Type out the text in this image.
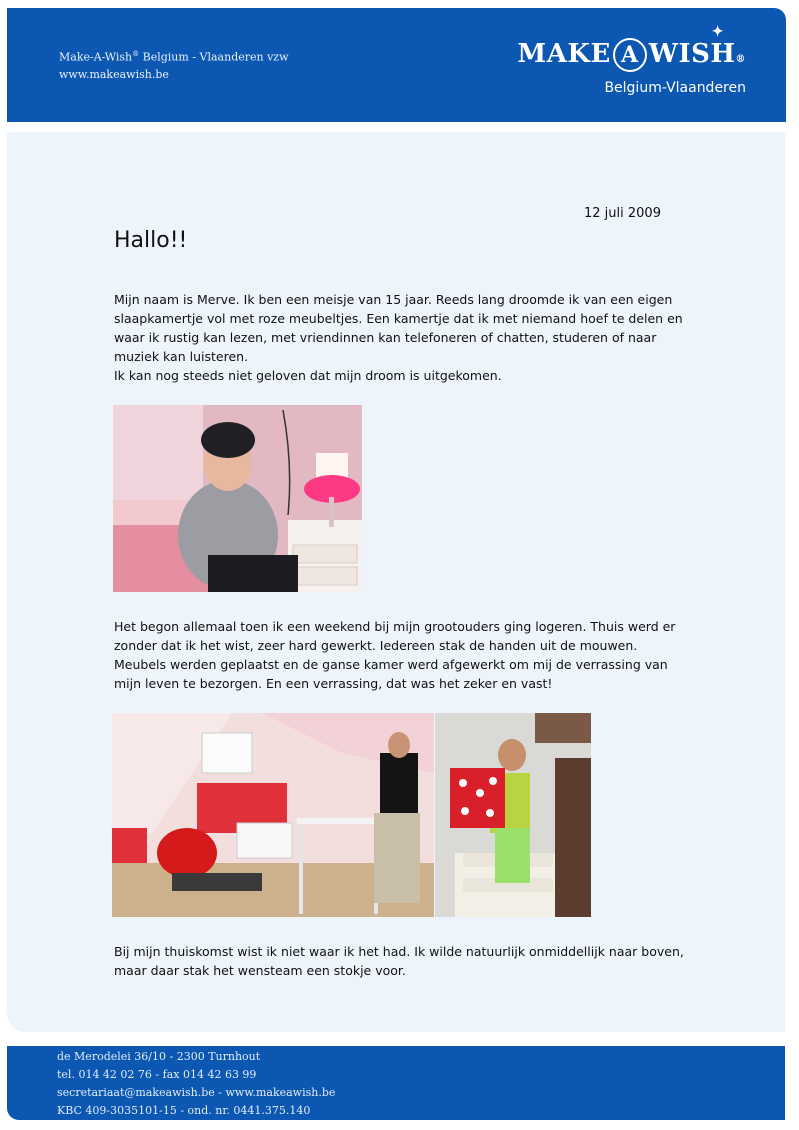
Make-A-Wish® Belgium - Vlaanderen vzw
www.makeawish.be
MAKE A WISH®
✦
Belgium-Vlaanderen
12 juli 2009
Hallo!!
Mijn naam is Merve. Ik ben een meisje van 15 jaar. Reeds lang droomde ik van een eigen slaapkamertje vol met roze meubeltjes. Een kamertje dat ik met niemand hoef te delen en waar ik rustig kan lezen, met vriendinnen kan telefoneren of chatten, studeren of naar muziek kan luisteren.
Ik kan nog steeds niet geloven dat mijn droom is uitgekomen.
Het begon allemaal toen ik een weekend bij mijn grootouders ging logeren. Thuis werd er zonder dat ik het wist, zeer hard gewerkt. Iedereen stak de handen uit de mouwen. Meubels werden geplaatst en de ganse kamer werd afgewerkt om mij de verrassing van mijn leven te bezorgen. En een verrassing, dat was het zeker en vast!
Bij mijn thuiskomst wist ik niet waar ik het had. Ik wilde natuurlijk onmiddellijk naar boven, maar daar stak het wensteam een stokje voor.
de Merodelei 36/10 - 2300 Turnhout
tel. 014 42 02 76 - fax 014 42 63 99
secretariaat@makeawish.be - www.makeawish.be
KBC 409-3035101-15 - ond. nr. 0441.375.140
